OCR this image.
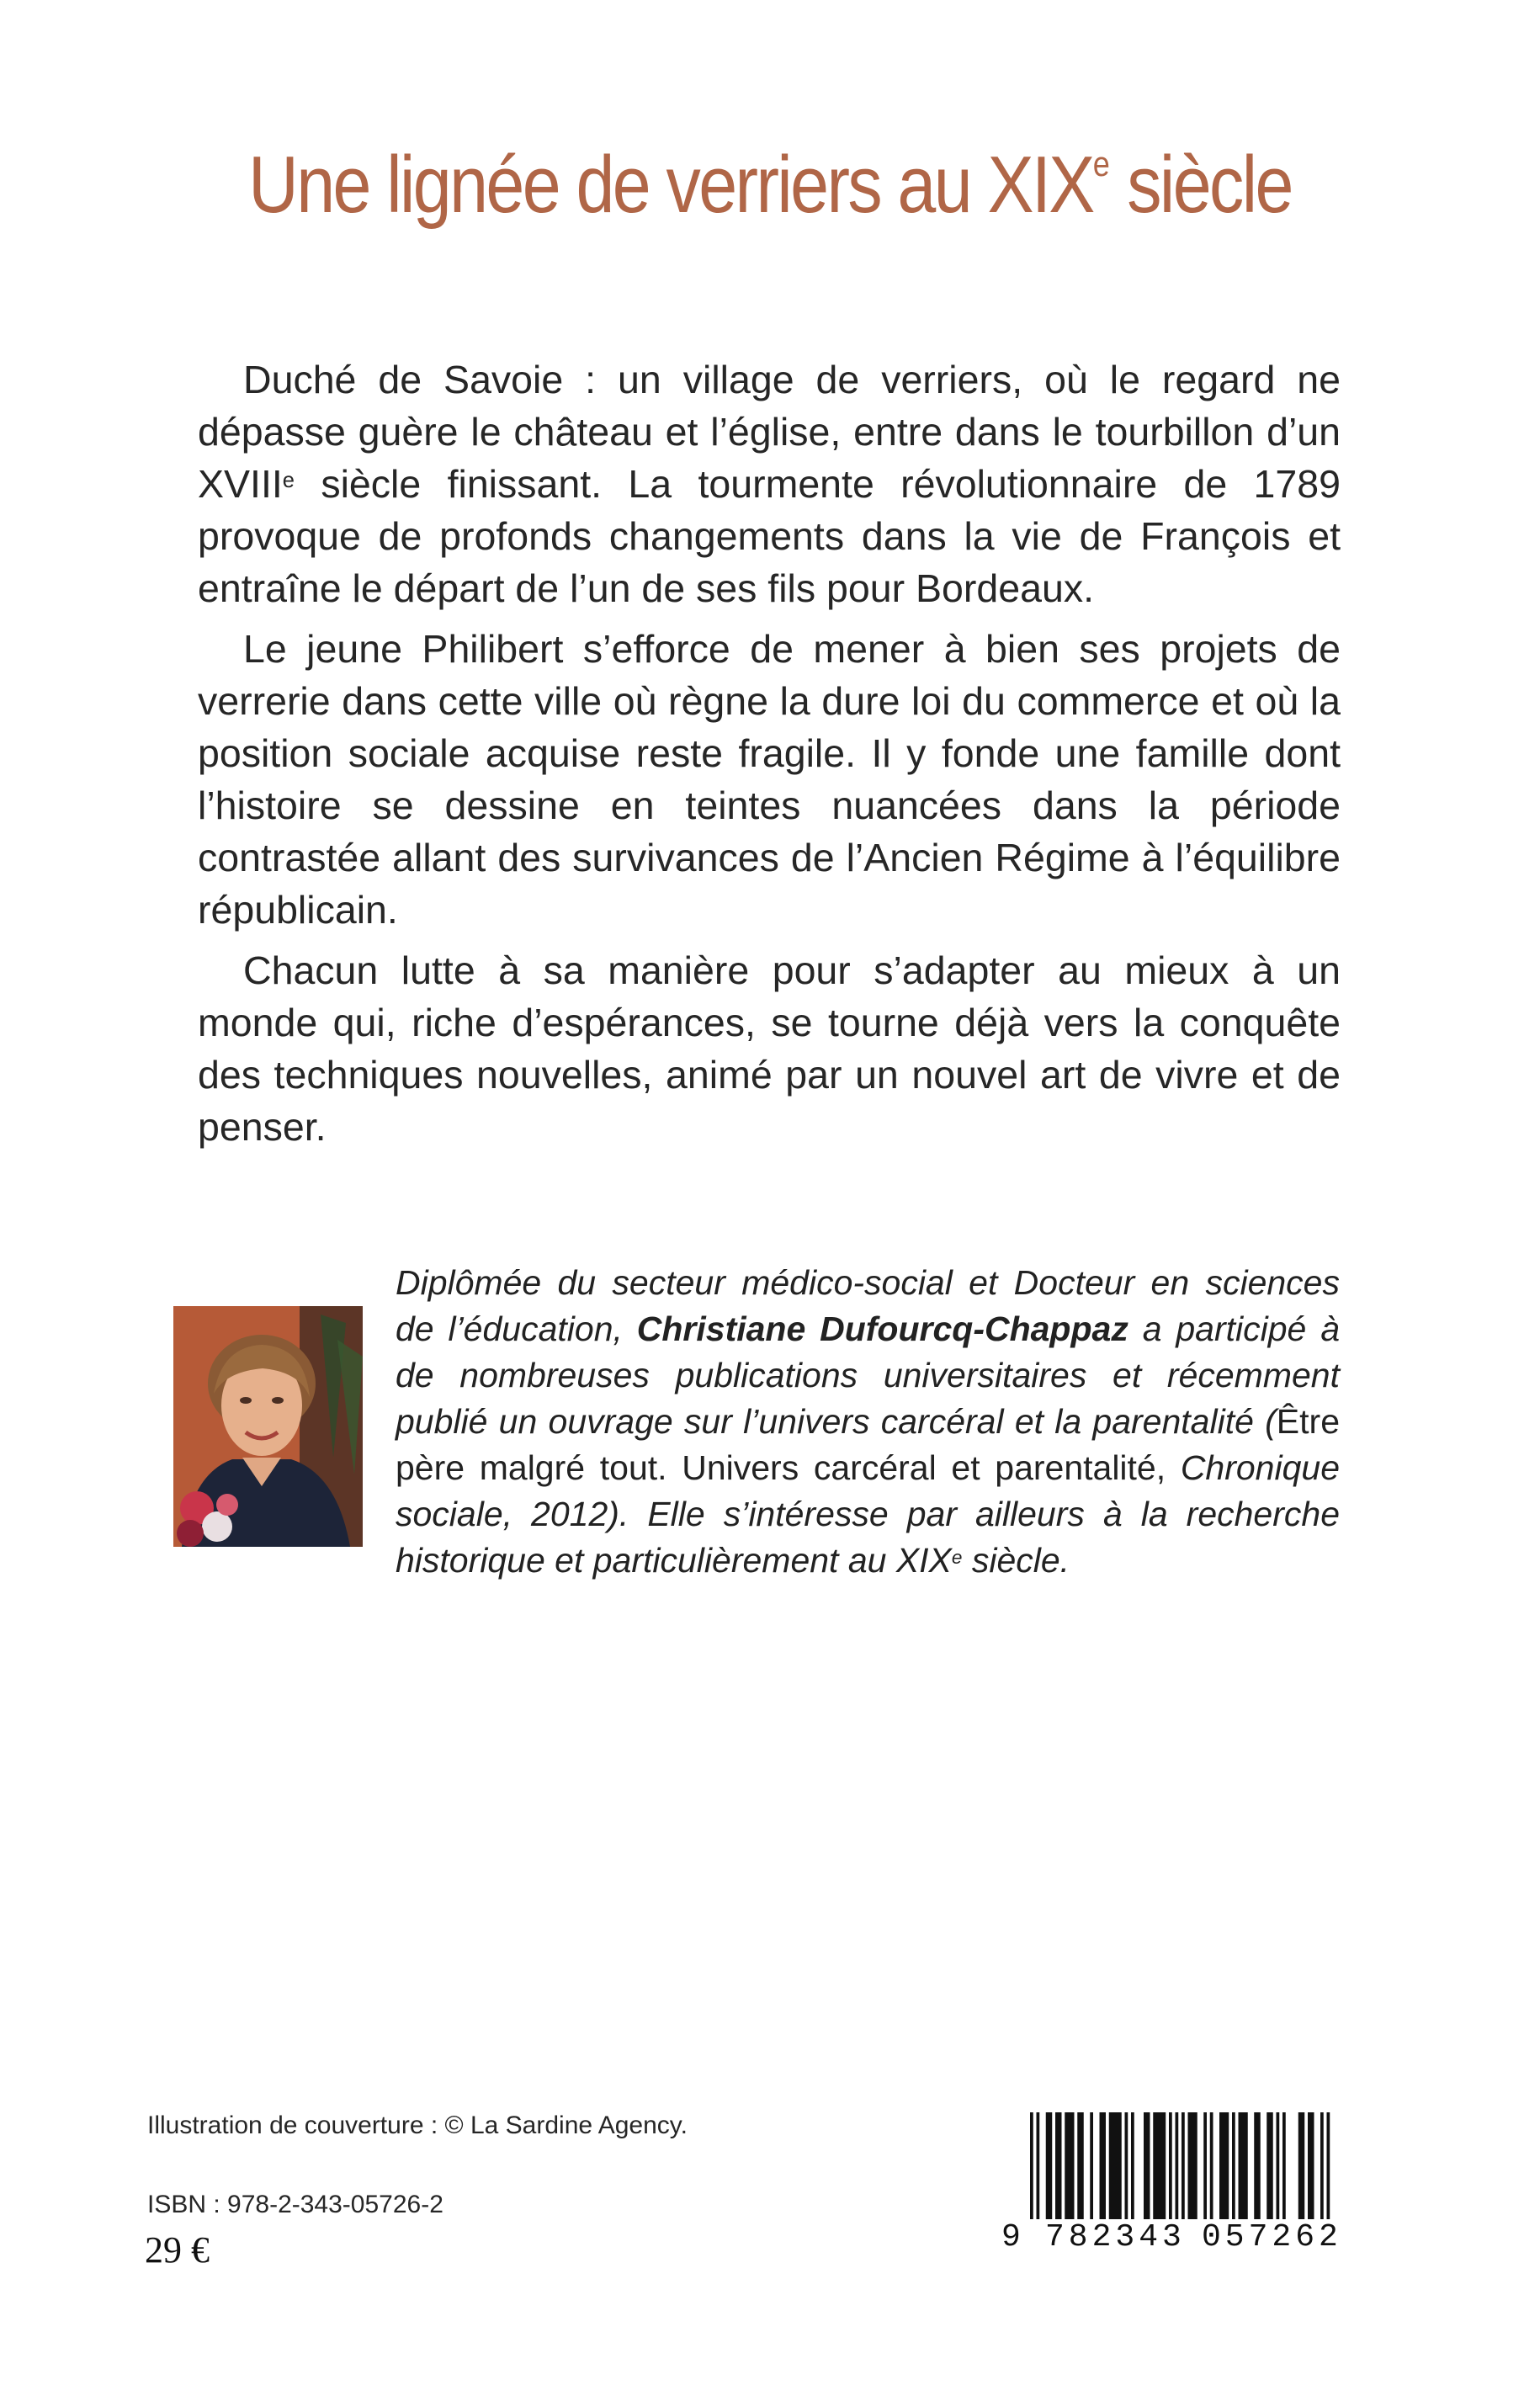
Une lignée de verriers au XIXe siècle

Duché de Savoie : un village de verriers, où le regard ne dépasse guère le château et l’église, entre dans le tourbillon d’un XVIIIe siècle finissant. La tourmente révolutionnaire de 1789 provoque de profonds changements dans la vie de François et entraîne le départ de l’un de ses fils pour Bordeaux.

Le jeune Philibert s’efforce de mener à bien ses projets de verrerie dans cette ville où règne la dure loi du commerce et où la position sociale acquise reste fragile. Il y fonde une famille dont l’histoire se dessine en teintes nuancées dans la période contrastée allant des survivances de l’Ancien Régime à l’équilibre républicain.

Chacun lutte à sa manière pour s’adapter au mieux à un monde qui, riche d’espérances, se tourne déjà vers la conquête des techniques nouvelles, animé par un nouvel art de vivre et de penser.

Diplômée du secteur médico-social et Docteur en sciences de l’éducation, Christiane Dufourcq-Chappaz a participé à de nombreuses publications universitaires et récemment publié un ouvrage sur l’univers carcéral et la parentalité (Être père malgré tout. Univers carcéral et parentalité, Chronique sociale, 2012). Elle s’intéresse par ailleurs à la recherche historique et particulièrement au XIXe siècle.

Illustration de couverture : © La Sardine Agency.
ISBN : 978-2-343-05726-2
29 €	9 782343 057262
